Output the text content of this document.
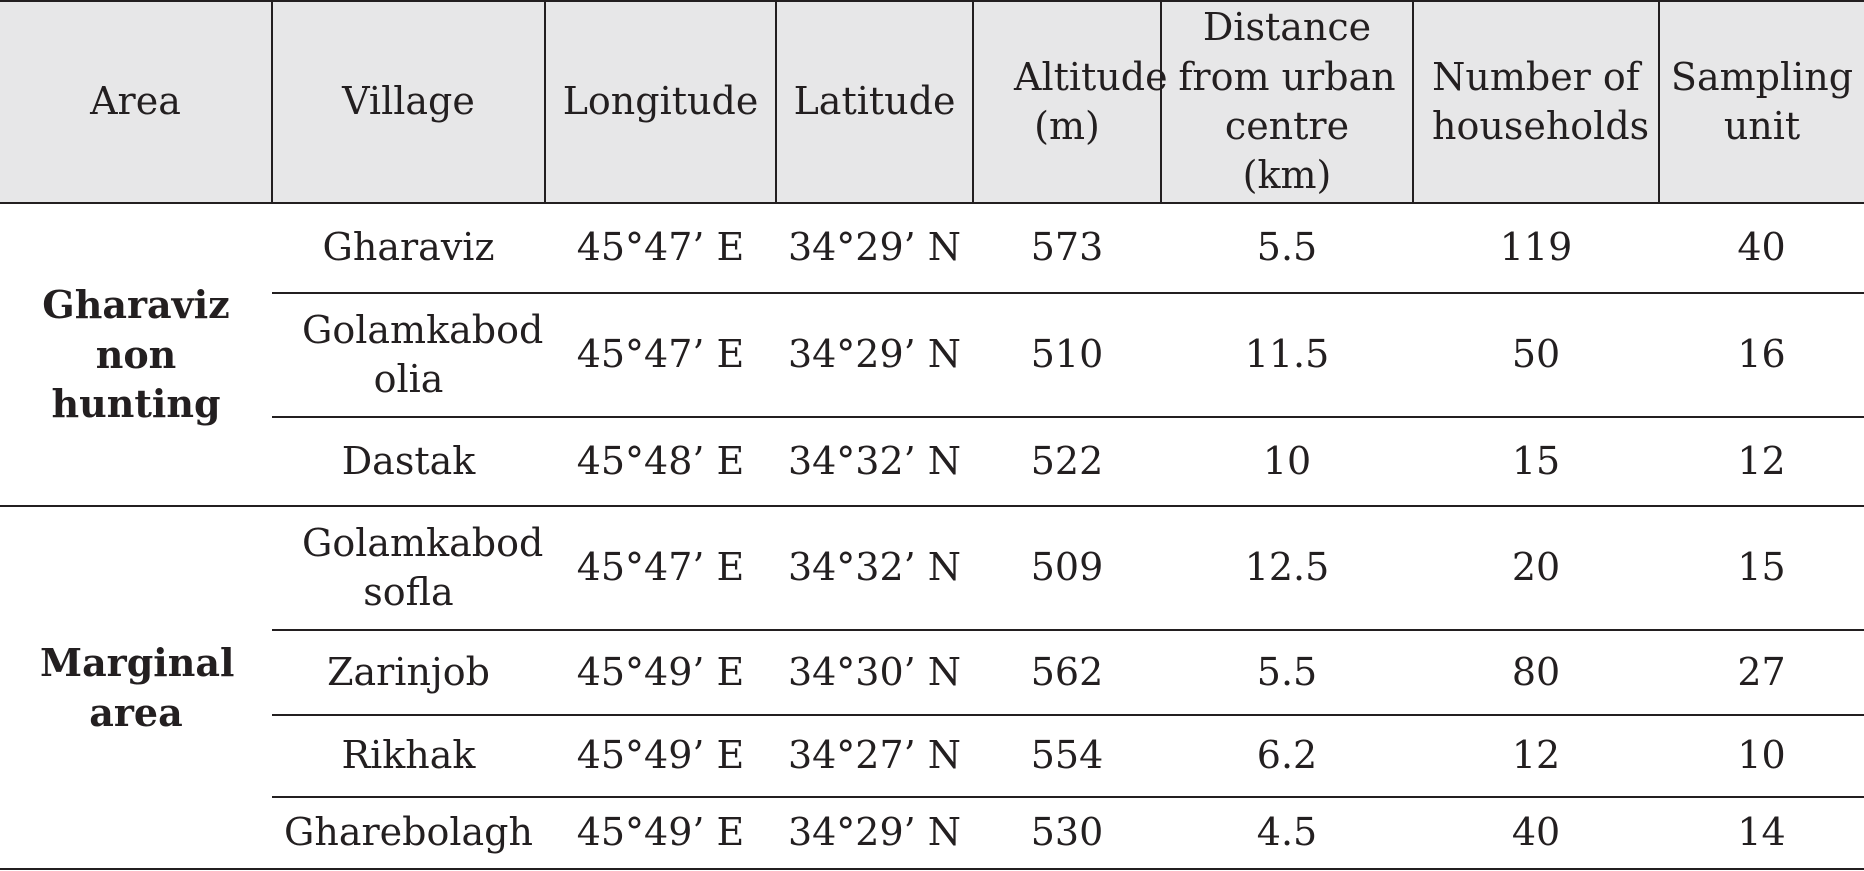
Area	Village	Longitude	Latitude	Altitude (m)	Distance from urban centre (km)	Number of households	Sampling unit
Gharaviz non hunting	Gharaviz	45°47’ E	34°29’ N	573	5.5	119	40
	Golamkabod olia	45°47’ E	34°29’ N	510	11.5	50	16
	Dastak	45°48’ E	34°32’ N	522	10	15	12
Marginal area	Golamkabod sofla	45°47’ E	34°32’ N	509	12.5	20	15
	Zarinjob	45°49’ E	34°30’ N	562	5.5	80	27
	Rikhak	45°49’ E	34°27’ N	554	6.2	12	10
	Gharebolagh	45°49’ E	34°29’ N	530	4.5	40	14
